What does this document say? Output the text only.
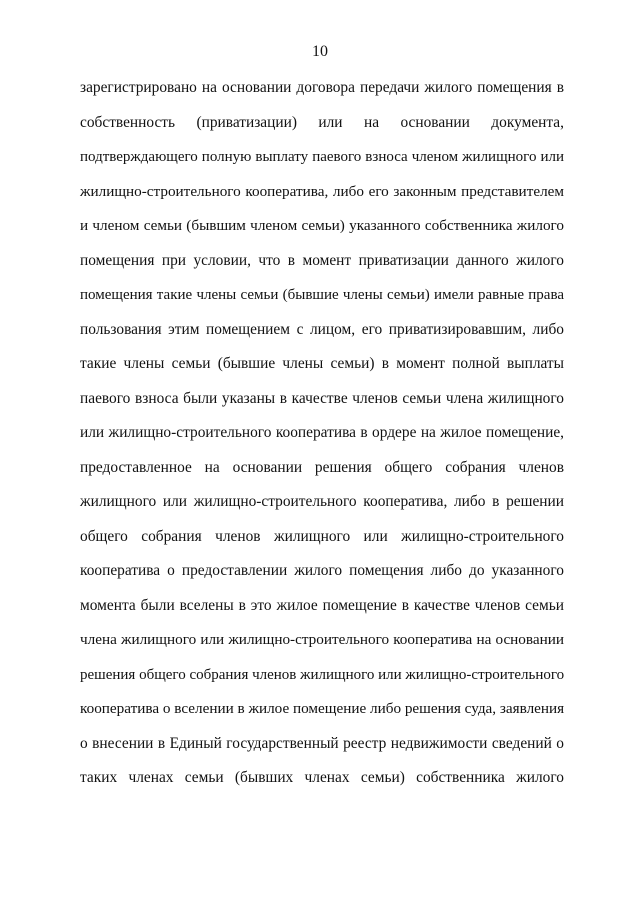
10
зарегистрировано на основании договора передачи жилого помещения в
собственность (приватизации) или на основании документа,
подтверждающего полную выплату паевого взноса членом жилищного или
жилищно-строительного кооператива, либо его законным представителем
и членом семьи (бывшим членом семьи) указанного собственника жилого
помещения при условии, что в момент приватизации данного жилого
помещения такие члены семьи (бывшие члены семьи) имели равные права
пользования этим помещением с лицом, его приватизировавшим, либо
такие члены семьи (бывшие члены семьи) в момент полной выплаты
паевого взноса были указаны в качестве членов семьи члена жилищного
или жилищно-строительного кооператива в ордере на жилое помещение,
предоставленное на основании решения общего собрания членов
жилищного или жилищно-строительного кооператива, либо в решении
общего собрания членов жилищного или жилищно-строительного
кооператива о предоставлении жилого помещения либо до указанного
момента были вселены в это жилое помещение в качестве членов семьи
члена жилищного или жилищно-строительного кооператива на основании
решения общего собрания членов жилищного или жилищно-строительного
кооператива о вселении в жилое помещение либо решения суда, заявления
о внесении в Единый государственный реестр недвижимости сведений о
таких членах семьи (бывших членах семьи) собственника жилого
